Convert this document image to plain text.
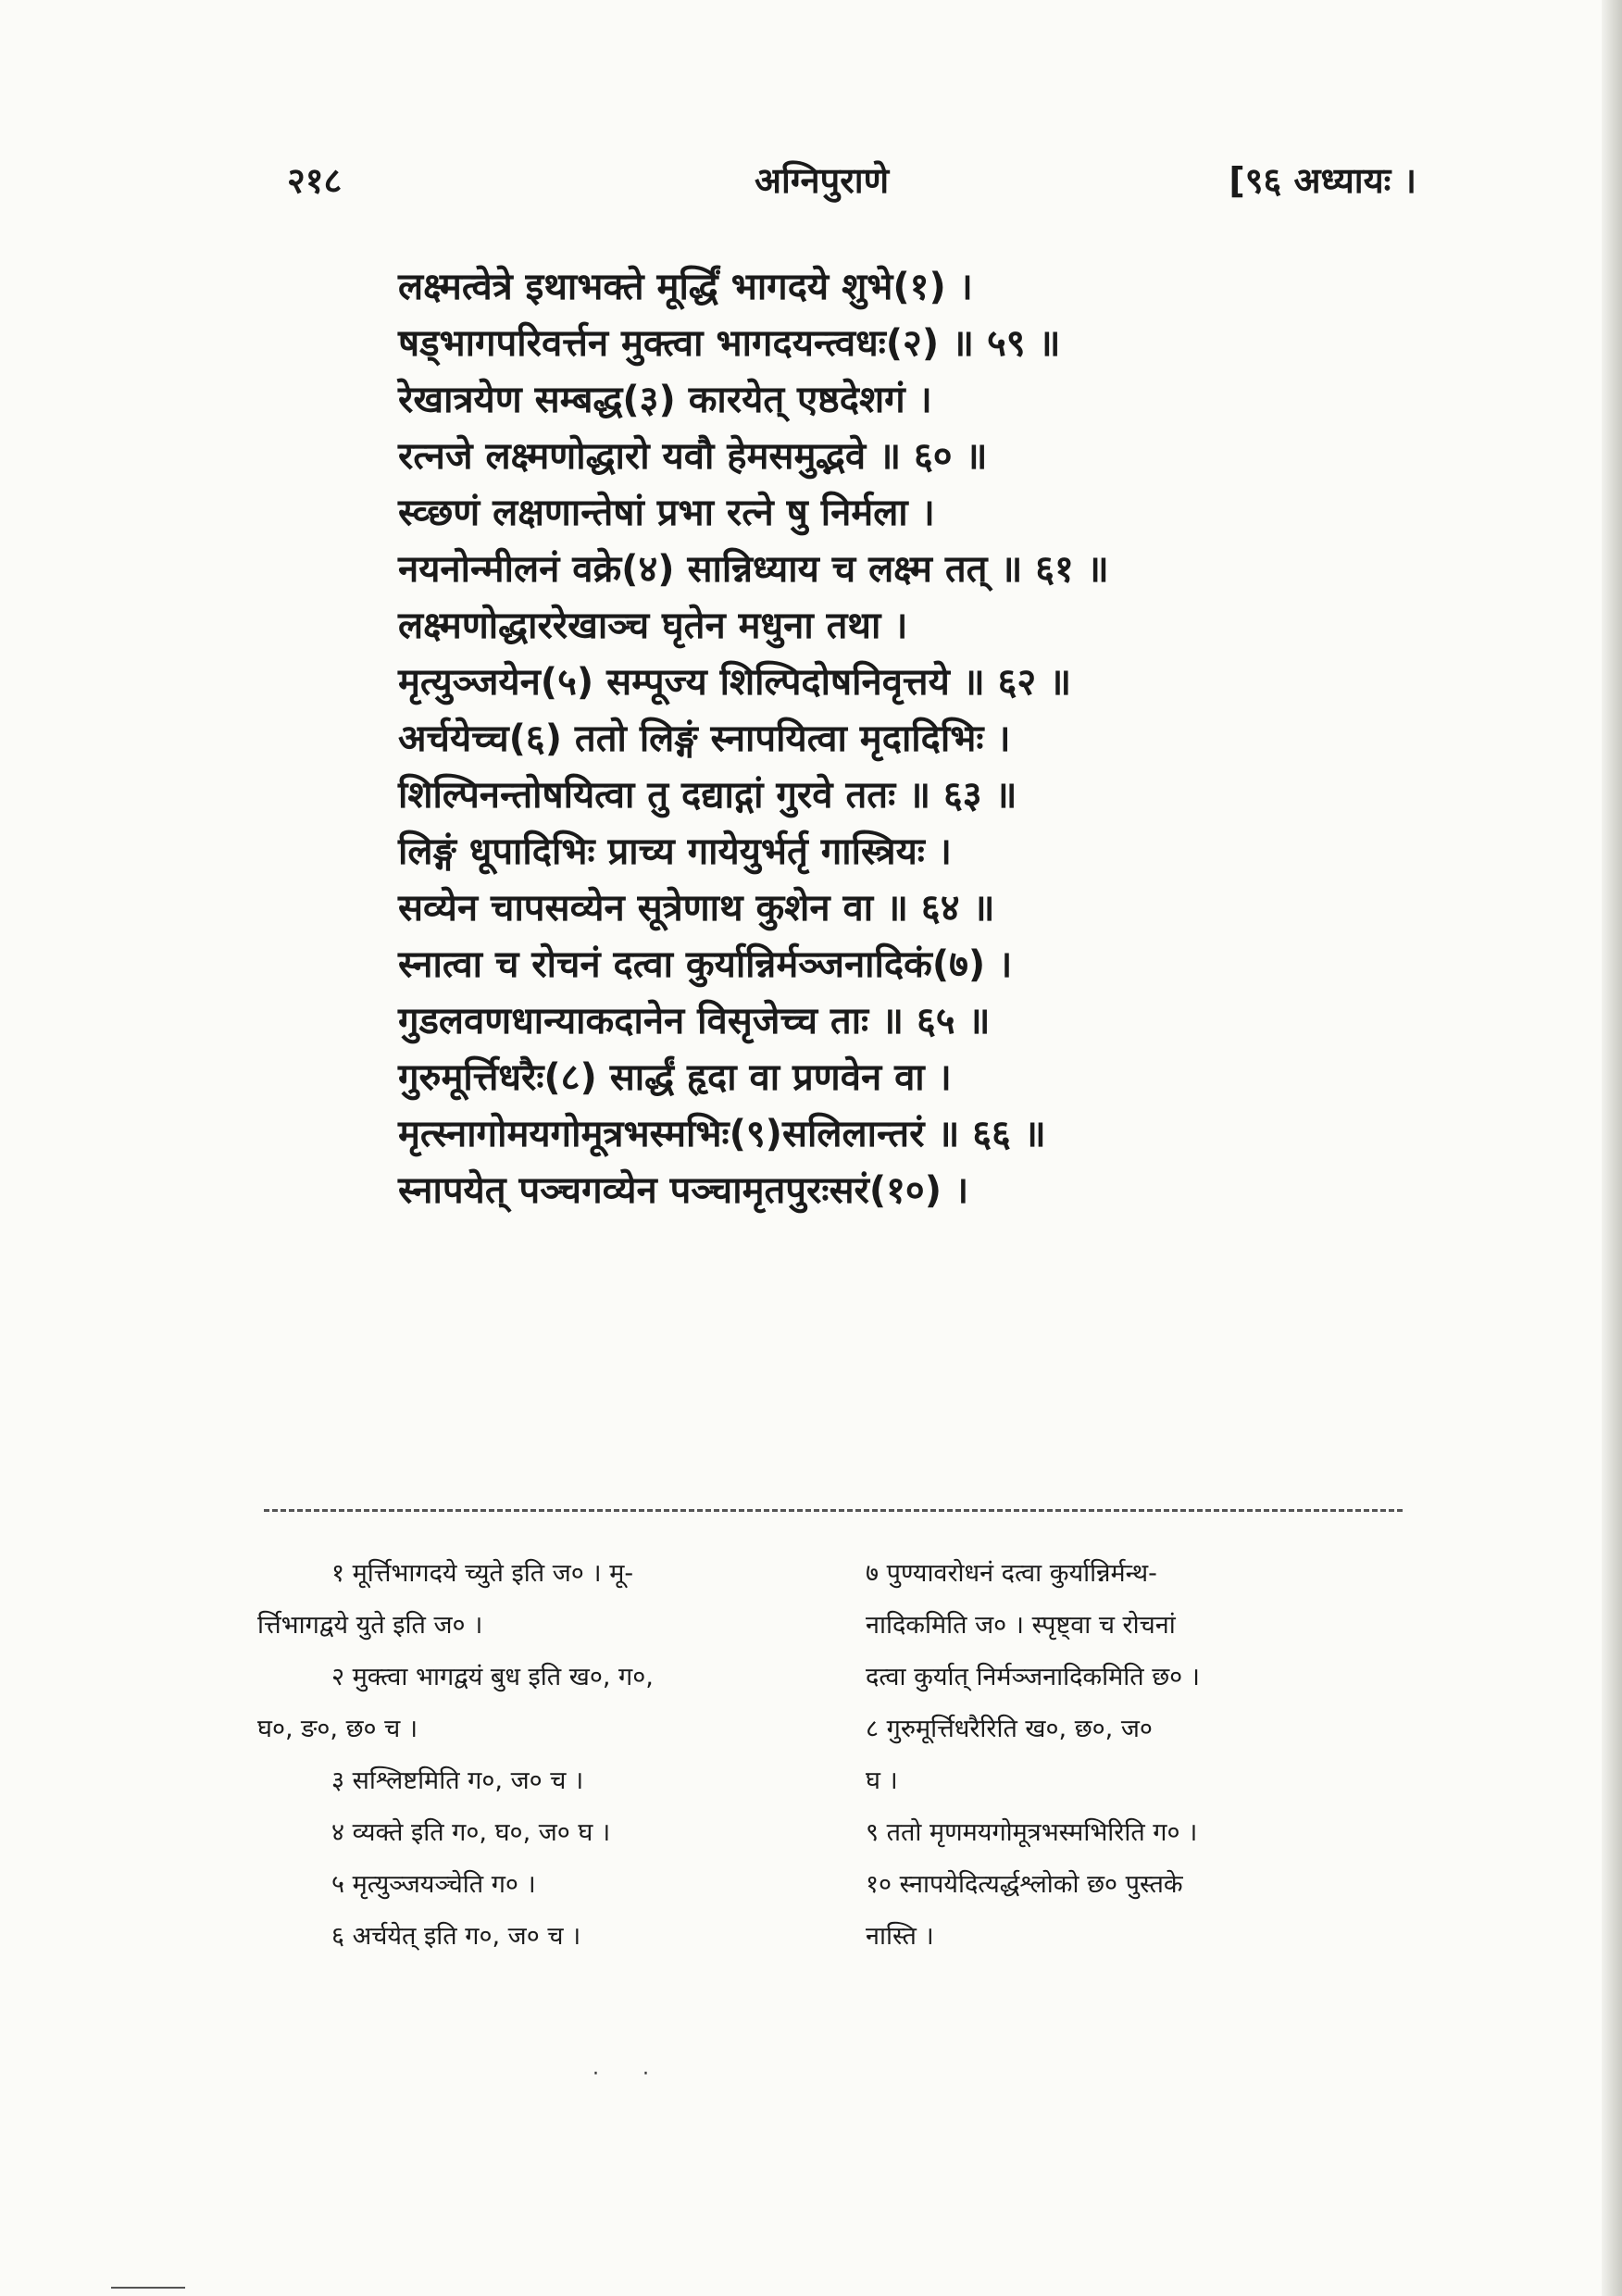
२१८	अग्निपुराणे	[९६ अध्यायः ।
लक्ष्मत्वेत्रे इथाभक्ते मूर्द्धिं भागदये शुभे(१) ।
षड्भागपरिवर्त्तन मुक्त्वा भागदयन्त्वधः(२) ॥ ५९ ॥
रेखात्रयेण सम्बद्ध(३) कारयेत् एष्ठदेशगं ।
रत्नजे लक्ष्मणोद्धारो यवौ हेमसमुद्भवे ॥ ६० ॥
स्व्छणं लक्षणान्तेषां प्रभा रत्ने षु निर्मला ।
नयनोन्मीलनं वक्रे(४) सान्निध्याय च लक्ष्म तत् ॥ ६१ ॥
लक्ष्मणोद्धाररेखाञ्च घृतेन मधुना तथा ।
मृत्युञ्जयेन(५) सम्पूज्य शिल्पिदोषनिवृत्तये ॥ ६२ ॥
अर्चयेच्च(६) ततो लिङ्गं स्नापयित्वा मृदादिभिः ।
शिल्पिनन्तोषयित्वा तु दद्याद्गां गुरवे ततः ॥ ६३ ॥
लिङ्गं धूपादिभिः प्राच्य गायेयुर्भर्तृ गास्त्रियः ।
सव्येन चापसव्येन सूत्रेणाथ कुशेन वा ॥ ६४ ॥
स्नात्वा च रोचनं दत्वा कुर्यान्निर्मञ्जनादिकं(७) ।
गुडलवणधान्याकदानेन विसृजेच्च ताः ॥ ६५ ॥
गुरुमूर्त्तिधरैः(८) सार्द्धं हृदा वा प्रणवेन वा ।
मृत्स्नागोमयगोमूत्रभस्मभिः(९)सलिलान्तरं ॥ ६६ ॥
स्नापयेत् पञ्चगव्येन पञ्चामृतपुरःसरं(१०) ।
१ मूर्त्तिभागदये च्युते इति ज० । मू-
र्त्तिभागद्वये युते इति ज० ।
२ मुक्त्वा भागद्वयं बुध इति ख०, ग०,
घ०, ङ०, छ० च ।
३ सश्लिष्टमिति ग०, ज० च ।
४ व्यक्ते इति ग०, घ०, ज० घ ।
५ मृत्युञ्जयञ्चेति ग० ।
६ अर्चयेत् इति ग०, ज० च ।
७ पुण्यावरोधनं दत्वा कुर्यान्निर्मन्थ-
नादिकमिति ज० । स्पृष्ट्वा च रोचनां
दत्वा कुर्यात् निर्मञ्जनादिकमिति छ० ।
८ गुरुमूर्त्तिधरैरिति ख०, छ०, ज०
घ ।
९ ततो मृणमयगोमूत्रभस्मभिरिति ग० ।
१० स्नापयेदित्यर्द्धश्लोको छ० पुस्तके
नास्ति ।
· ·
